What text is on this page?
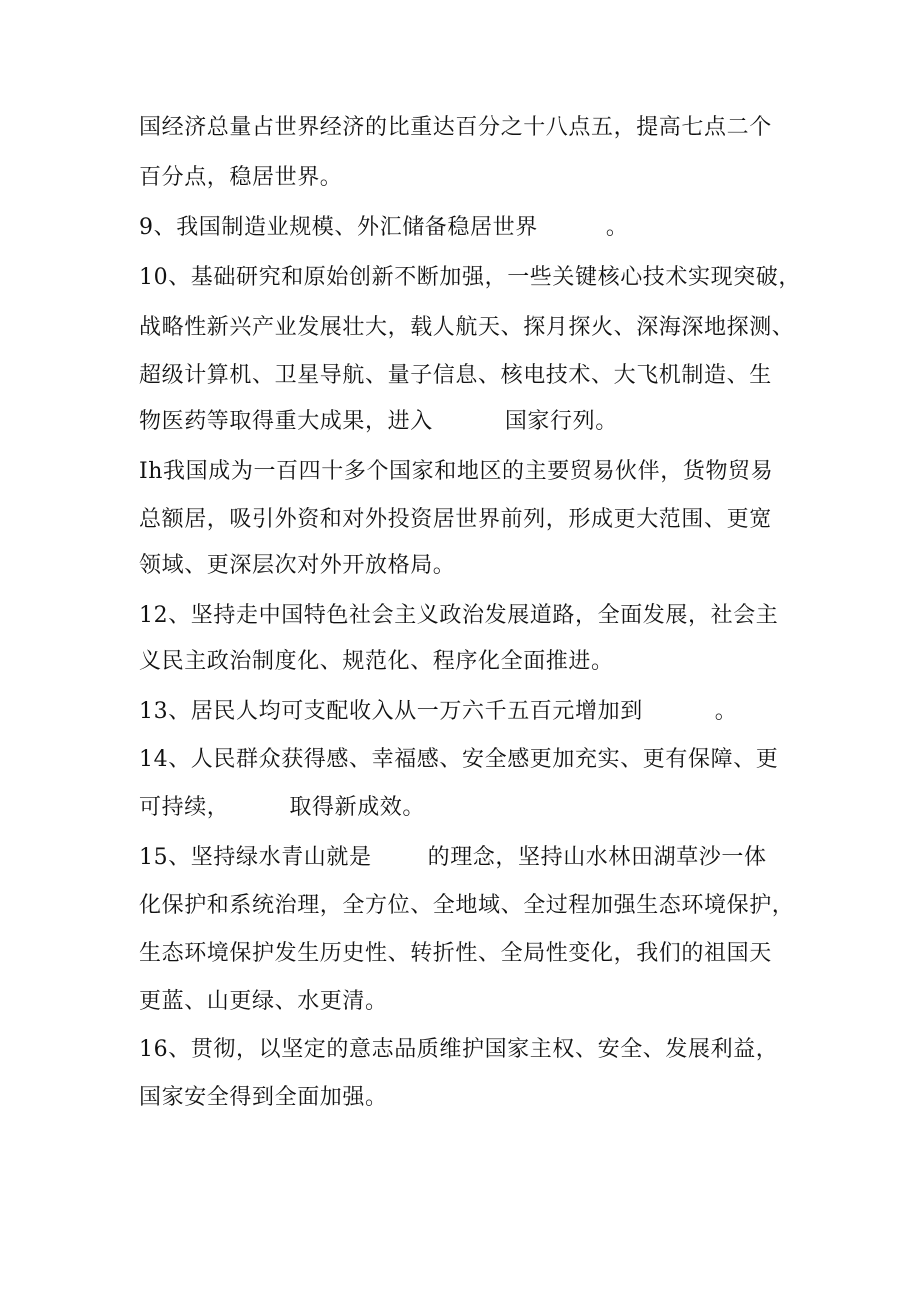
国经济总量占世界经济的比重达百分之十八点五，提高七点二个
百分点，稳居世界。
9、我国制造业规模、外汇储备稳居世界	。
10、基础研究和原始创新不断加强，一些关键核心技术实现突破，
战略性新兴产业发展壮大，载人航天、探月探火、深海深地探测、
超级计算机、卫星导航、量子信息、核电技术、大飞机制造、生
物医药等取得重大成果，进入	国家行列。
Ih我国成为一百四十多个国家和地区的主要贸易伙伴，货物贸易
总额居，吸引外资和对外投资居世界前列，形成更大范围、更宽
领域、更深层次对外开放格局。
12、坚持走中国特色社会主义政治发展道路，全面发展，社会主
义民主政治制度化、规范化、程序化全面推进。
13、居民人均可支配收入从一万六千五百元增加到	。
14、人民群众获得感、幸福感、安全感更加充实、更有保障、更
可持续，	取得新成效。
15、坚持绿水青山就是	的理念，坚持山水林田湖草沙一体
化保护和系统治理，全方位、全地域、全过程加强生态环境保护，
生态环境保护发生历史性、转折性、全局性变化，我们的祖国天
更蓝、山更绿、水更清。
16、贯彻，以坚定的意志品质维护国家主权、安全、发展利益，
国家安全得到全面加强。
